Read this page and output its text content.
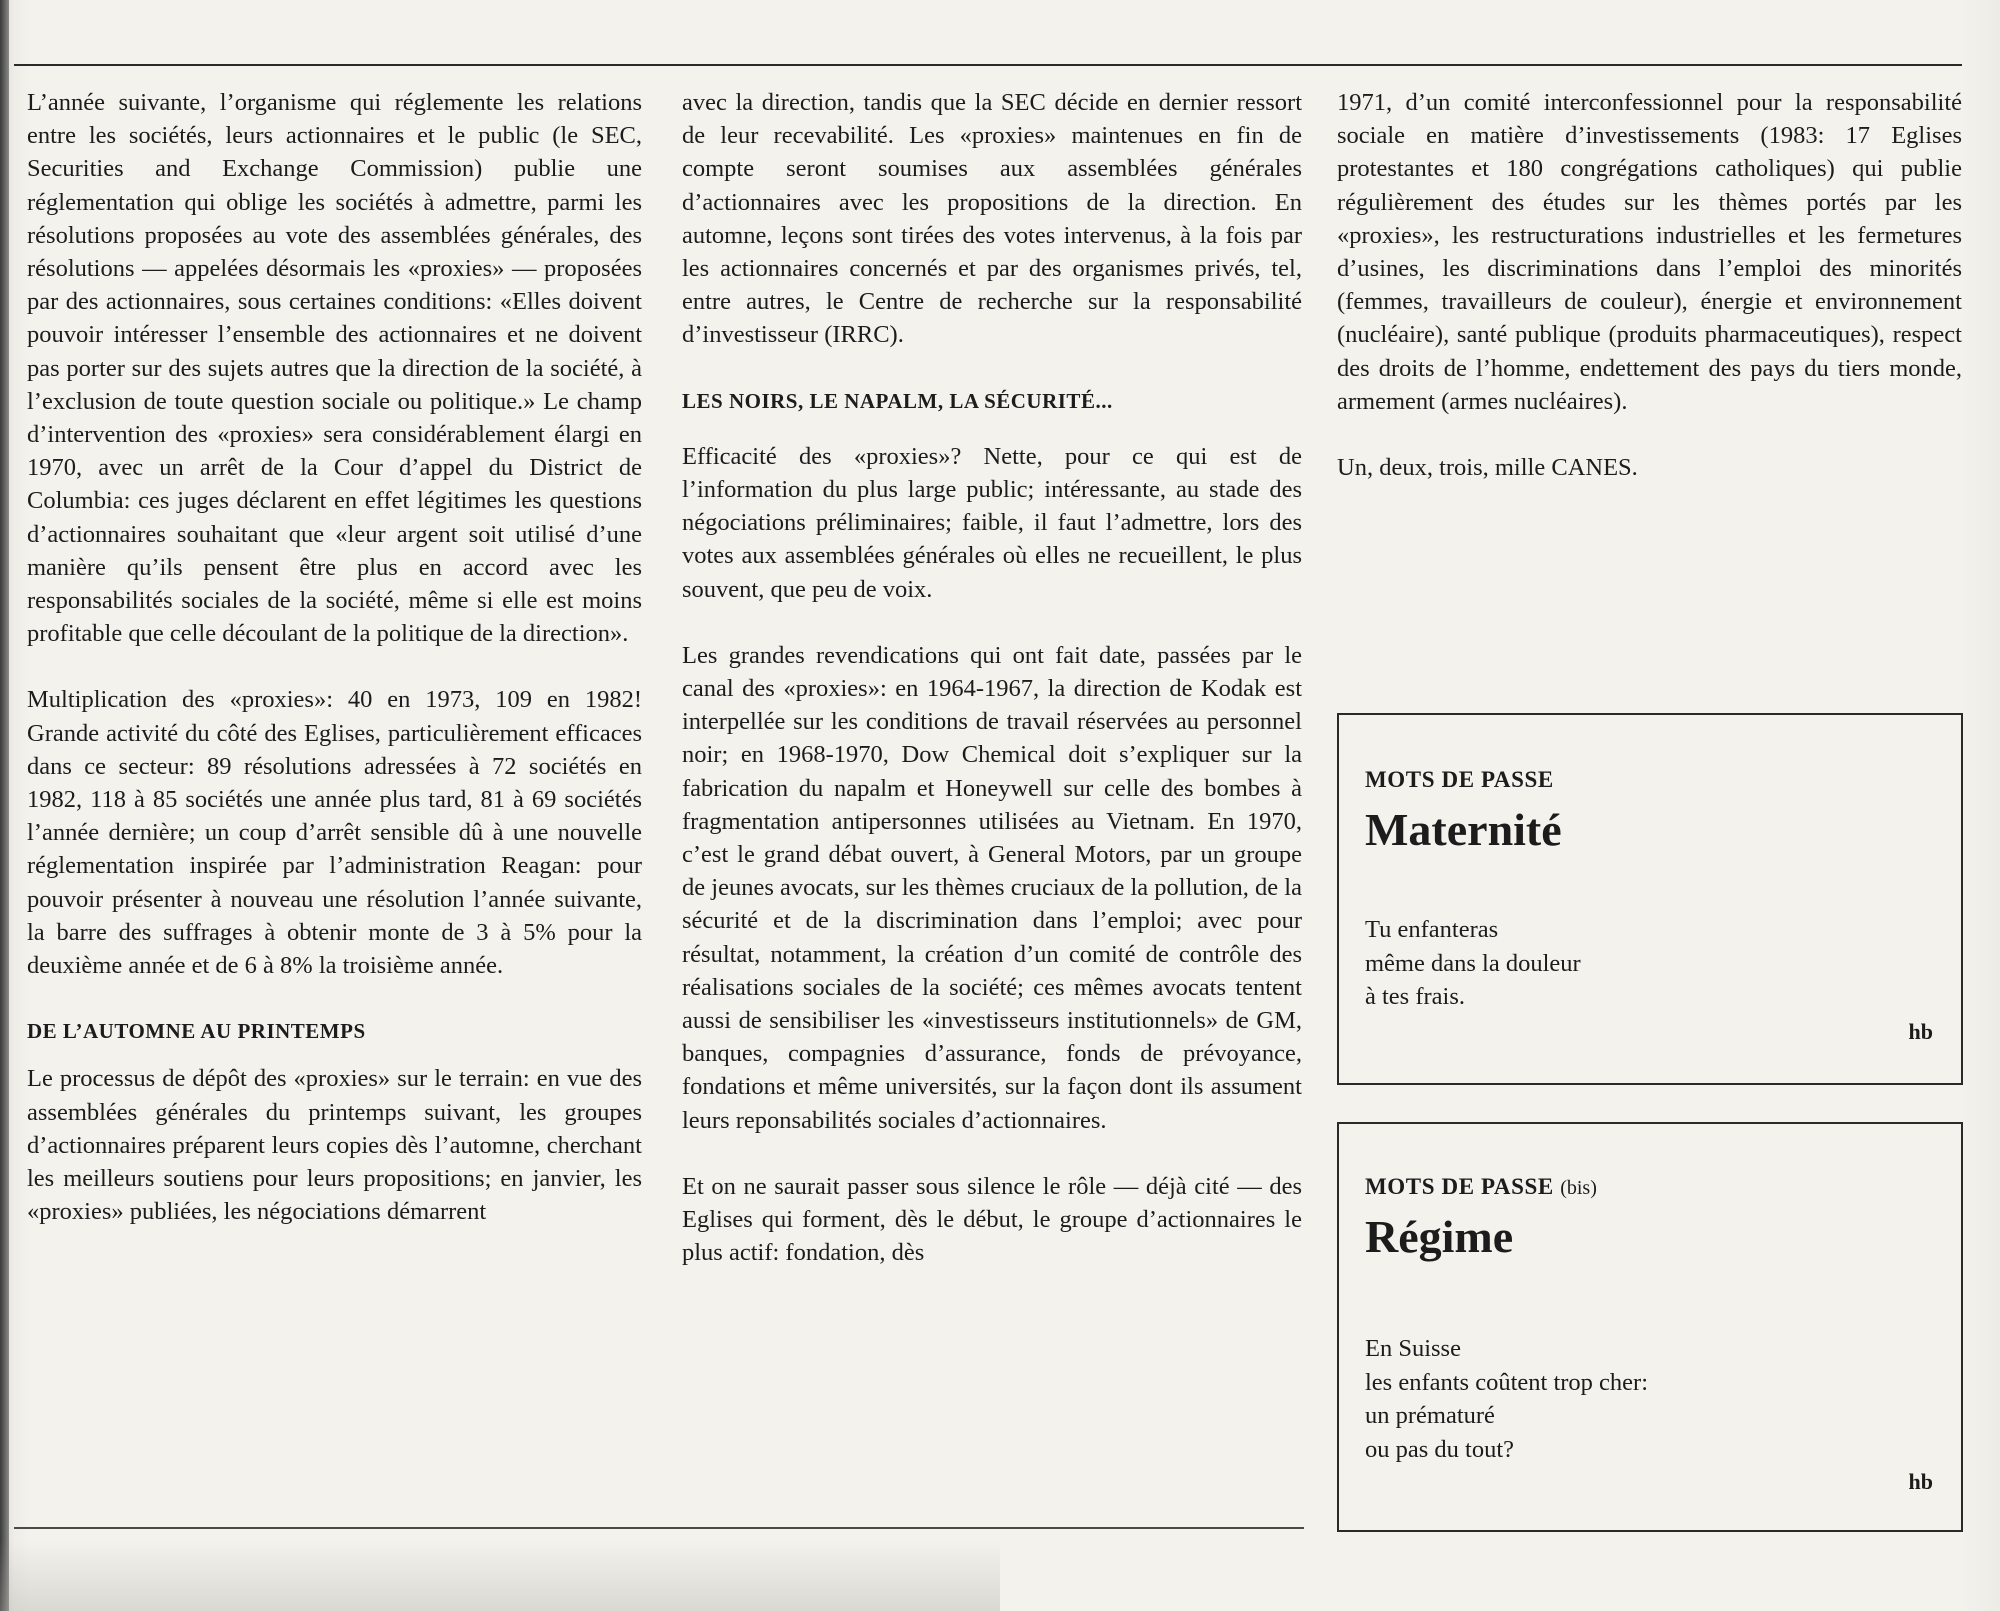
L’année suivante, l’organisme qui réglemente les relations entre les sociétés, leurs actionnaires et le public (le SEC, Securities and Exchange Commission) publie une réglementation qui oblige les sociétés à admettre, parmi les résolutions proposées au vote des assemblées générales, des résolutions — appelées désormais les «proxies» — proposées par des actionnaires, sous certaines conditions: «Elles doivent pouvoir intéresser l’ensemble des actionnaires et ne doivent pas porter sur des sujets autres que la direction de la société, à l’exclusion de toute question sociale ou politique.» Le champ d’intervention des «proxies» sera considérablement élargi en 1970, avec un arrêt de la Cour d’appel du District de Columbia: ces juges déclarent en effet légitimes les questions d’actionnaires souhaitant que «leur argent soit utilisé d’une manière qu’ils pensent être plus en accord avec les responsabilités sociales de la société, même si elle est moins profitable que celle découlant de la politique de la direction».

Multiplication des «proxies»: 40 en 1973, 109 en 1982! Grande activité du côté des Eglises, particulièrement efficaces dans ce secteur: 89 résolutions adressées à 72 sociétés en 1982, 118 à 85 sociétés une année plus tard, 81 à 69 sociétés l’année dernière; un coup d’arrêt sensible dû à une nouvelle réglementation inspirée par l’administration Reagan: pour pouvoir présenter à nouveau une résolution l’année suivante, la barre des suffrages à obtenir monte de 3 à 5% pour la deuxième année et de 6 à 8% la troisième année.

DE L’AUTOMNE AU PRINTEMPS

Le processus de dépôt des «proxies» sur le terrain: en vue des assemblées générales du printemps suivant, les groupes d’actionnaires préparent leurs copies dès l’automne, cherchant les meilleurs soutiens pour leurs propositions; en janvier, les «proxies» publiées, les négociations démarrent

avec la direction, tandis que la SEC décide en dernier ressort de leur recevabilité. Les «proxies» maintenues en fin de compte seront soumises aux assemblées générales d’actionnaires avec les propositions de la direction. En automne, leçons sont tirées des votes intervenus, à la fois par les actionnaires concernés et par des organismes privés, tel, entre autres, le Centre de recherche sur la responsabilité d’investisseur (IRRC).

LES NOIRS, LE NAPALM, LA SÉCURITÉ...

Efficacité des «proxies»? Nette, pour ce qui est de l’information du plus large public; intéressante, au stade des négociations préliminaires; faible, il faut l’admettre, lors des votes aux assemblées générales où elles ne recueillent, le plus souvent, que peu de voix.

Les grandes revendications qui ont fait date, passées par le canal des «proxies»: en 1964-1967, la direction de Kodak est interpellée sur les conditions de travail réservées au personnel noir; en 1968-1970, Dow Chemical doit s’expliquer sur la fabrication du napalm et Honeywell sur celle des bombes à fragmentation antipersonnes utilisées au Vietnam. En 1970, c’est le grand débat ouvert, à General Motors, par un groupe de jeunes avocats, sur les thèmes cruciaux de la pollution, de la sécurité et de la discrimination dans l’emploi; avec pour résultat, notamment, la création d’un comité de contrôle des réalisations sociales de la société; ces mêmes avocats tentent aussi de sensibiliser les «investisseurs institutionnels» de GM, banques, compagnies d’assurance, fonds de prévoyance, fondations et même universités, sur la façon dont ils assument leurs reponsabilités sociales d’actionnaires.

Et on ne saurait passer sous silence le rôle — déjà cité — des Eglises qui forment, dès le début, le groupe d’actionnaires le plus actif: fondation, dès

1971, d’un comité interconfessionnel pour la responsabilité sociale en matière d’investissements (1983: 17 Eglises protestantes et 180 congrégations catholiques) qui publie régulièrement des études sur les thèmes portés par les «proxies», les restructurations industrielles et les fermetures d’usines, les discriminations dans l’emploi des minorités (femmes, travailleurs de couleur), énergie et environnement (nucléaire), santé publique (produits pharmaceutiques), respect des droits de l’homme, endettement des pays du tiers monde, armement (armes nucléaires).

Un, deux, trois, mille CANES.

MOTS DE PASSE
Maternité
Tu enfanteras
même dans la douleur
à tes frais.
hb
MOTS DE PASSE (bis)
Régime
En Suisse
les enfants coûtent trop cher:
un prématuré
ou pas du tout?
hb
